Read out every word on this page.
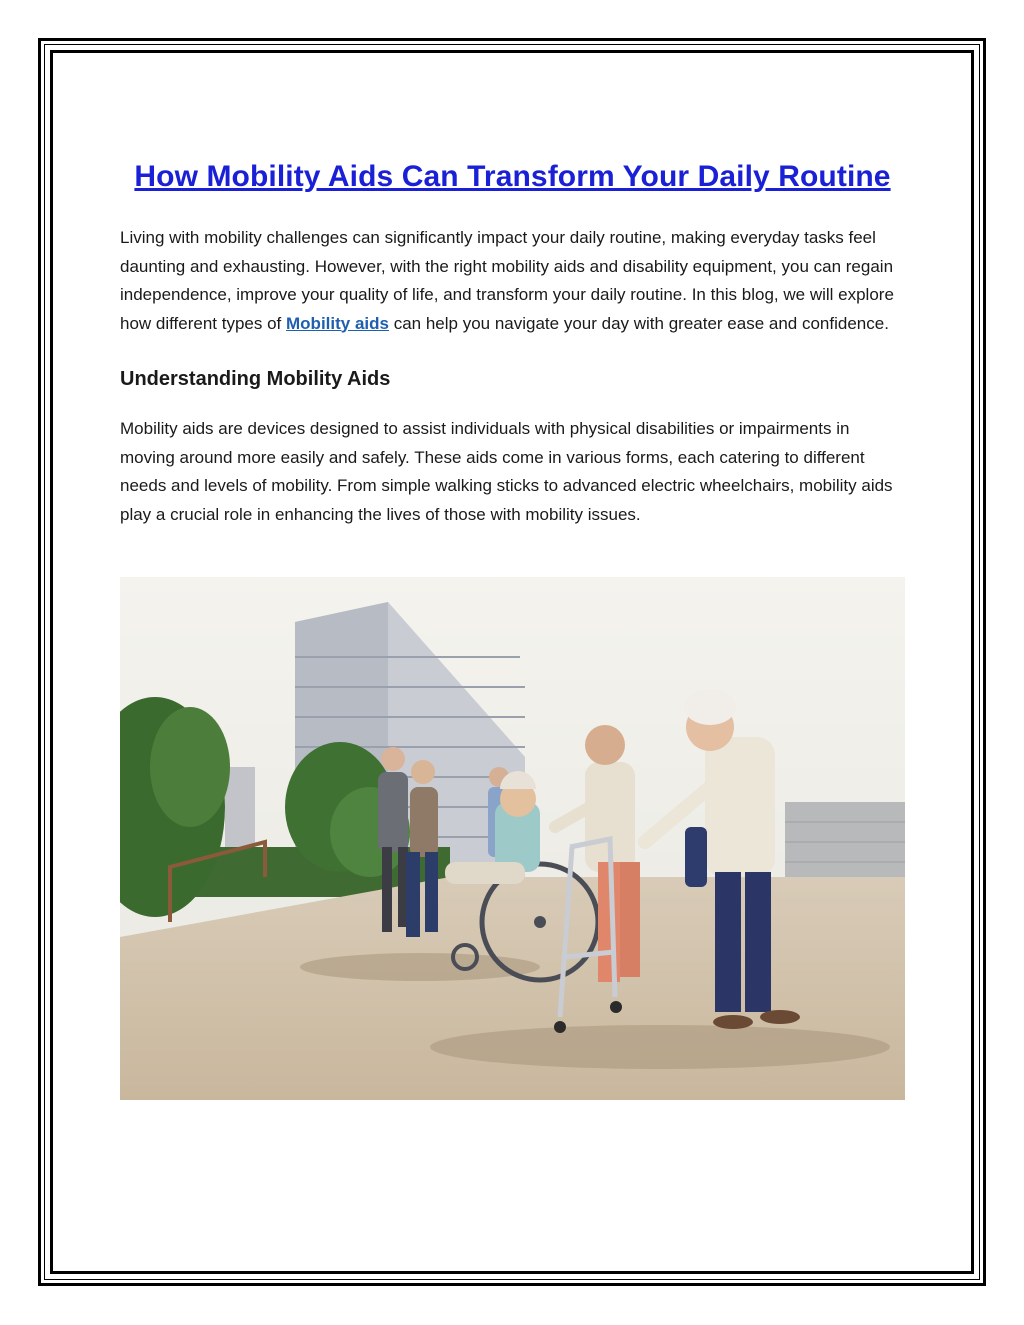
How Mobility Aids Can Transform Your Daily Routine

Living with mobility challenges can significantly impact your daily routine, making everyday tasks feel daunting and exhausting. However, with the right mobility aids and disability equipment, you can regain independence, improve your quality of life, and transform your daily routine. In this blog, we will explore how different types of Mobility aids can help you navigate your day with greater ease and confidence.

Understanding Mobility Aids

Mobility aids are devices designed to assist individuals with physical disabilities or impairments in moving around more easily and safely. These aids come in various forms, each catering to different needs and levels of mobility. From simple walking sticks to advanced electric wheelchairs, mobility aids play a crucial role in enhancing the lives of those with mobility issues.
